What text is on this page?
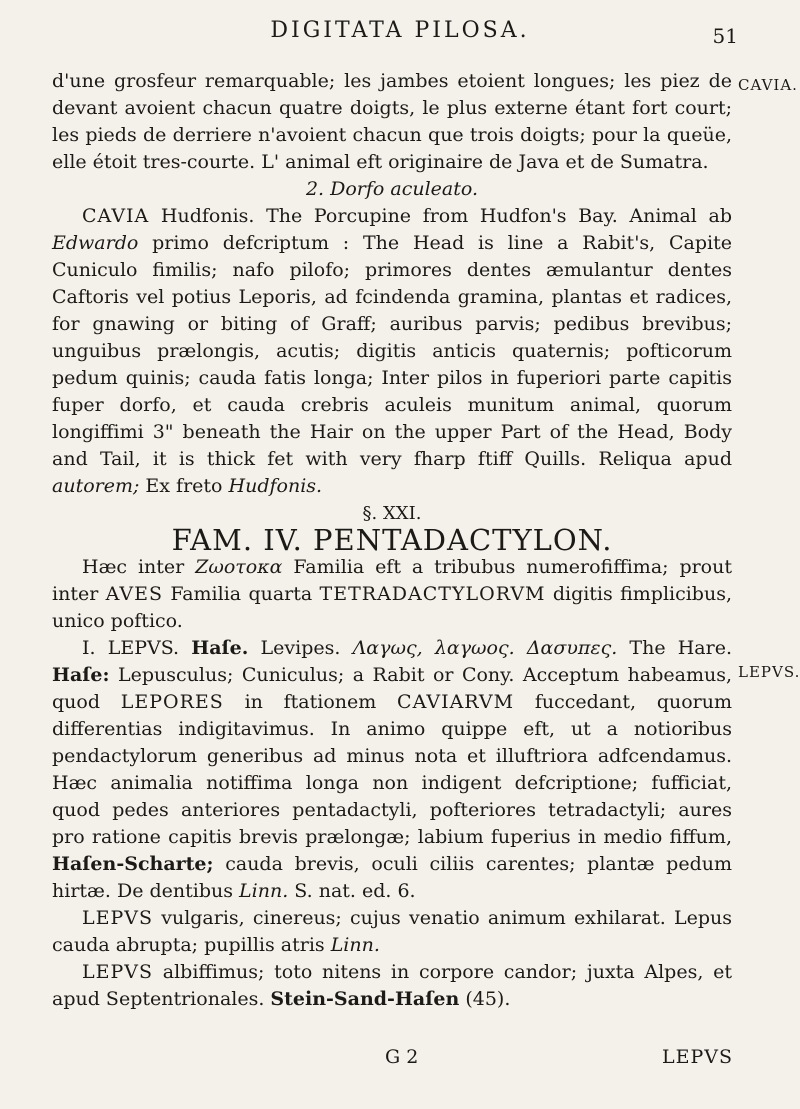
DIGITATA PILOSA.	51
CAVIA.
LEPVS.

d'une grosfeur remarquable; les jambes etoient longues; les piez de devant avoient chacun quatre doigts, le plus externe étant fort court; les pieds de derriere n'avoient chacun que trois doigts; pour la queüe, elle étoit tres-courte. L' animal eft originaire de Java et de Sumatra.

2. Dorfo aculeato.

CAVIA Hudfonis. The Porcupine from Hudfon's Bay. Animal ab Edwardo primo defcriptum : The Head is line a Rabit's, Capite Cuniculo fimilis; nafo pilofo; primores dentes æmulantur dentes Caftoris vel potius Leporis, ad fcindenda gramina, plantas et radices, for gnawing or biting of Graff; auribus parvis; pedibus brevibus; unguibus prælongis, acutis; digitis anticis quaternis; pofticorum pedum quinis; cauda fatis longa; Inter pilos in fuperiori parte capitis fuper dorfo, et cauda crebris aculeis munitum animal, quorum longiffimi 3" beneath the Hair on the upper Part of the Head, Body and Tail, it is thick fet with very fharp ftiff Quills. Reliqua apud autorem; Ex freto Hudfonis.

§. XXI.

FAM. IV. PENTADACTYLON.

Hæc inter Ζωοτοκα Familia eft a tribubus numerofiffima; prout inter AVES Familia quarta TETRADACTYLORVM digitis fimplicibus, unico poftico.

I. LEPVS. Haſe. Levipes. Λαγως, λαγωος. Δασυπες. The Hare. Haſe: Lepusculus; Cuniculus; a Rabit or Cony. Acceptum habeamus, quod LEPORES in ftationem CAVIARVM fuccedant, quorum differentias indigitavimus. In animo quippe eft, ut a notioribus pendactylorum generibus ad minus nota et illuftriora adfcendamus. Hæc animalia notiffima longa non indigent defcriptione; fufficiat, quod pedes anteriores pentadactyli, pofteriores tetradactyli; aures pro ratione capitis brevis prælongæ; labium fuperius in medio fiffum, Haſen-Scharte; cauda brevis, oculi ciliis carentes; plantæ pedum hirtæ. De dentibus Linn. S. nat. ed. 6.

LEPVS vulgaris, cinereus; cujus venatio animum exhilarat. Lepus cauda abrupta; pupillis atris Linn.

LEPVS albiffimus; toto nitens in corpore candor; juxta Alpes, et apud Septentrionales. Stein-Sand-Haſen (45).

G 2	LEPVS
